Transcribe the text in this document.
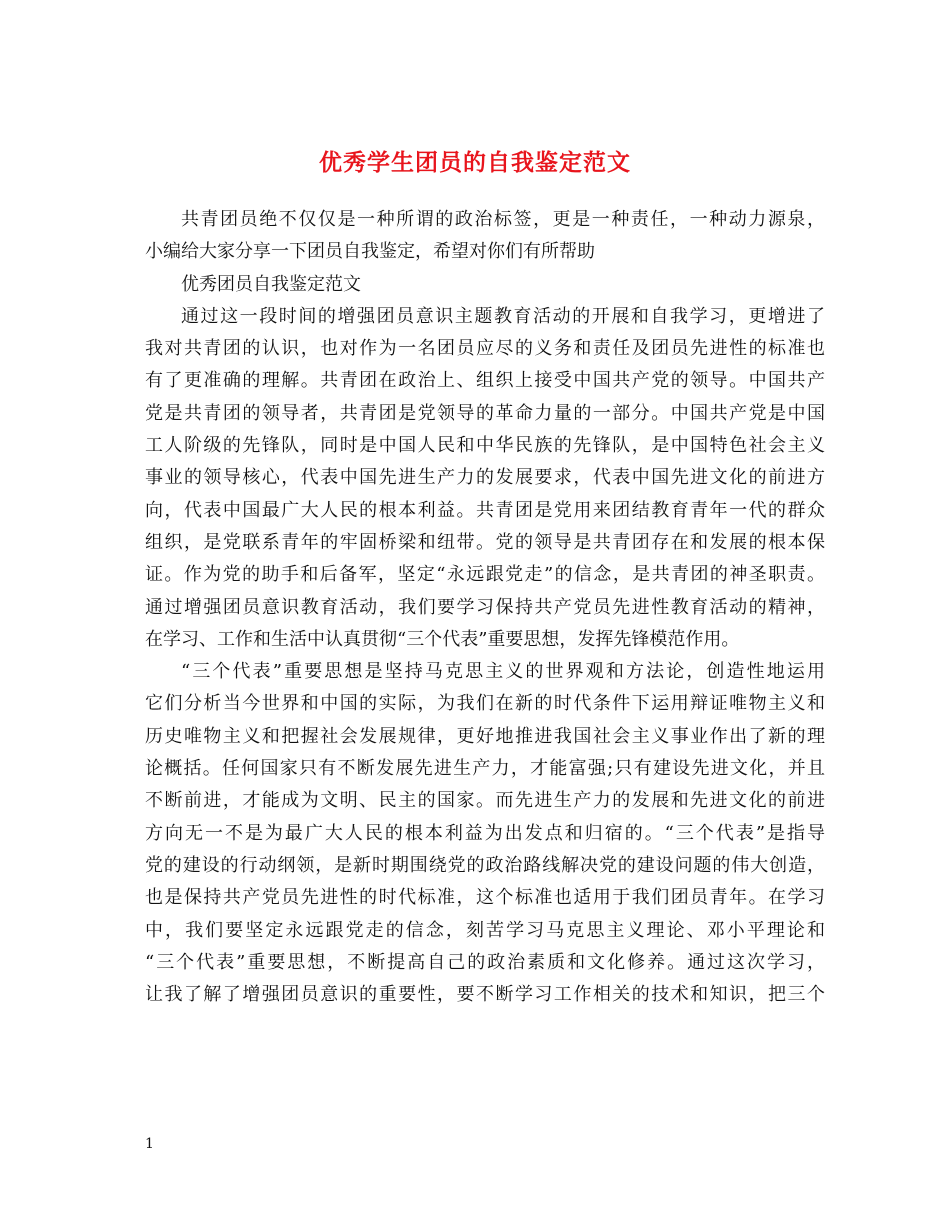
优秀学生团员的自我鉴定范文
共青团员绝不仅仅是一种所谓的政治标签，更是一种责任，一种动力源泉，
小编给大家分享一下团员自我鉴定，希望对你们有所帮助
优秀团员自我鉴定范文
通过这一段时间的增强团员意识主题教育活动的开展和自我学习，更增进了
我对共青团的认识，也对作为一名团员应尽的义务和责任及团员先进性的标准也
有了更准确的理解。共青团在政治上、组织上接受中国共产党的领导。中国共产
党是共青团的领导者，共青团是党领导的革命力量的一部分。中国共产党是中国
工人阶级的先锋队，同时是中国人民和中华民族的先锋队，是中国特色社会主义
事业的领导核心，代表中国先进生产力的发展要求，代表中国先进文化的前进方
向，代表中国最广大人民的根本利益。共青团是党用来团结教育青年一代的群众
组织，是党联系青年的牢固桥梁和纽带。党的领导是共青团存在和发展的根本保
证。作为党的助手和后备军，坚定“永远跟党走”的信念，是共青团的神圣职责。
通过增强团员意识教育活动，我们要学习保持共产党员先进性教育活动的精神，
在学习、工作和生活中认真贯彻“三个代表”重要思想，发挥先锋模范作用。
“三个代表”重要思想是坚持马克思主义的世界观和方法论，创造性地运用
它们分析当今世界和中国的实际，为我们在新的时代条件下运用辩证唯物主义和
历史唯物主义和把握社会发展规律，更好地推进我国社会主义事业作出了新的理
论概括。任何国家只有不断发展先进生产力，才能富强;只有建设先进文化，并且
不断前进，才能成为文明、民主的国家。而先进生产力的发展和先进文化的前进
方向无一不是为最广大人民的根本利益为出发点和归宿的。“三个代表”是指导
党的建设的行动纲领，是新时期围绕党的政治路线解决党的建设问题的伟大创造，
也是保持共产党员先进性的时代标准，这个标准也适用于我们团员青年。在学习
中，我们要坚定永远跟党走的信念，刻苦学习马克思主义理论、邓小平理论和
“三个代表”重要思想，不断提高自己的政治素质和文化修养。通过这次学习，
让我了解了增强团员意识的重要性，要不断学习工作相关的技术和知识，把三个
1
